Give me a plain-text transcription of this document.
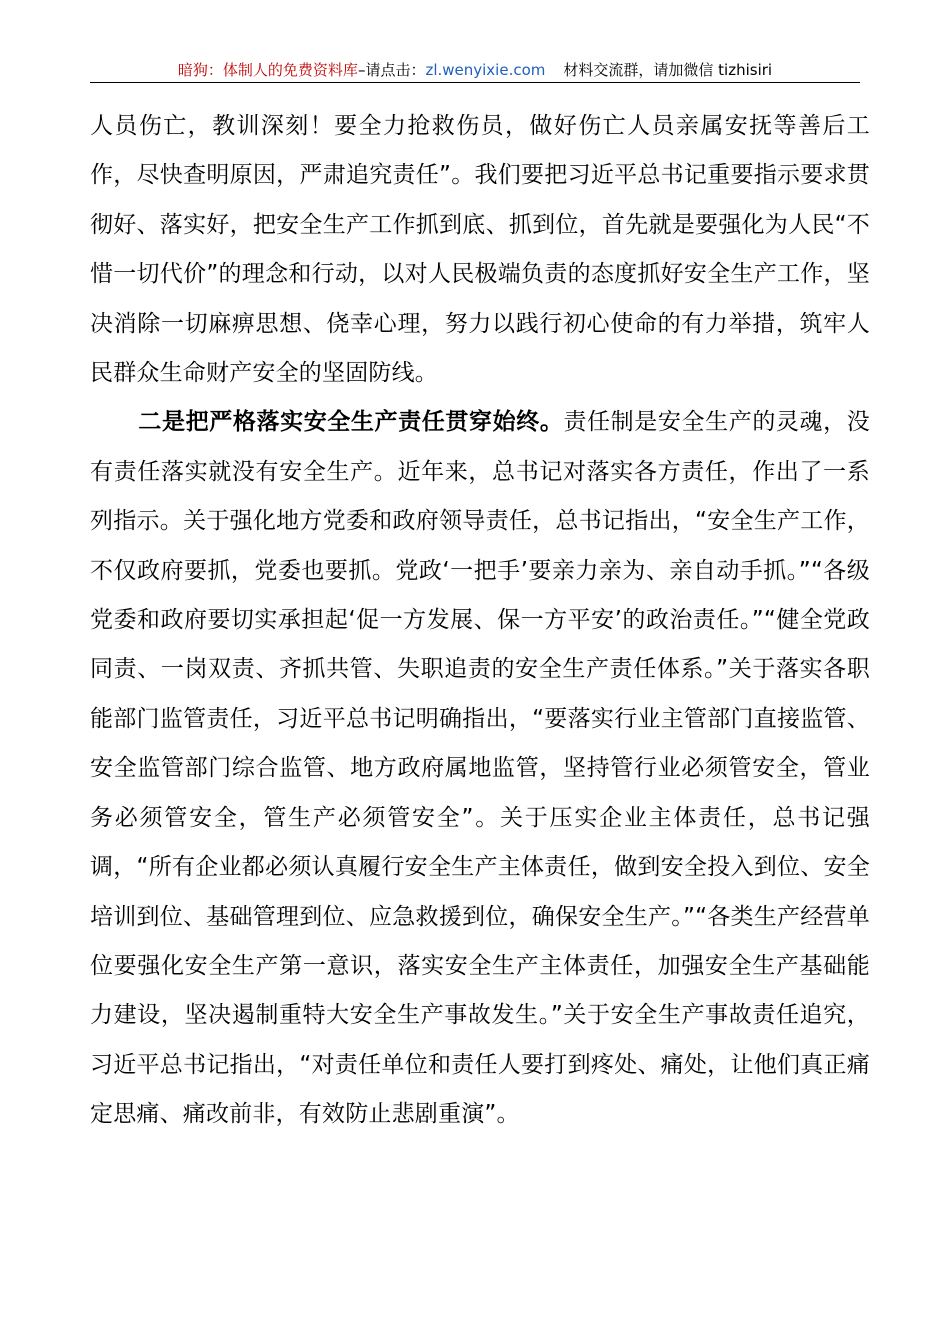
暗狗：体制人的免费资料库–请点击：zl.wenyixie.com 材料交流群，请加微信 tizhisiri

人员伤亡，教训深刻！要全力抢救伤员，做好伤亡人员亲属安抚等善后工作，尽快查明原因，严肃追究责任”。我们要把习近平总书记重要指示要求贯彻好、落实好，把安全生产工作抓到底、抓到位，首先就是要强化为人民“不惜一切代价”的理念和行动，以对人民极端负责的态度抓好安全生产工作，坚决消除一切麻痹思想、侥幸心理，努力以践行初心使命的有力举措，筑牢人民群众生命财产安全的坚固防线。

二是把严格落实安全生产责任贯穿始终。责任制是安全生产的灵魂，没有责任落实就没有安全生产。近年来，总书记对落实各方责任，作出了一系列指示。关于强化地方党委和政府领导责任，总书记指出，“安全生产工作，不仅政府要抓，党委也要抓。党政‘一把手’要亲力亲为、亲自动手抓。”“各级党委和政府要切实承担起‘促一方发展、保一方平安’的政治责任。”“健全党政同责、一岗双责、齐抓共管、失职追责的安全生产责任体系。”关于落实各职能部门监管责任，习近平总书记明确指出，“要落实行业主管部门直接监管、安全监管部门综合监管、地方政府属地监管，坚持管行业必须管安全，管业务必须管安全，管生产必须管安全”。关于压实企业主体责任，总书记强调，“所有企业都必须认真履行安全生产主体责任，做到安全投入到位、安全培训到位、基础管理到位、应急救援到位，确保安全生产。”“各类生产经营单位要强化安全生产第一意识，落实安全生产主体责任，加强安全生产基础能力建设，坚决遏制重特大安全生产事故发生。”关于安全生产事故责任追究，习近平总书记指出，“对责任单位和责任人要打到疼处、痛处，让他们真正痛定思痛、痛改前非，有效防止悲剧重演”。
